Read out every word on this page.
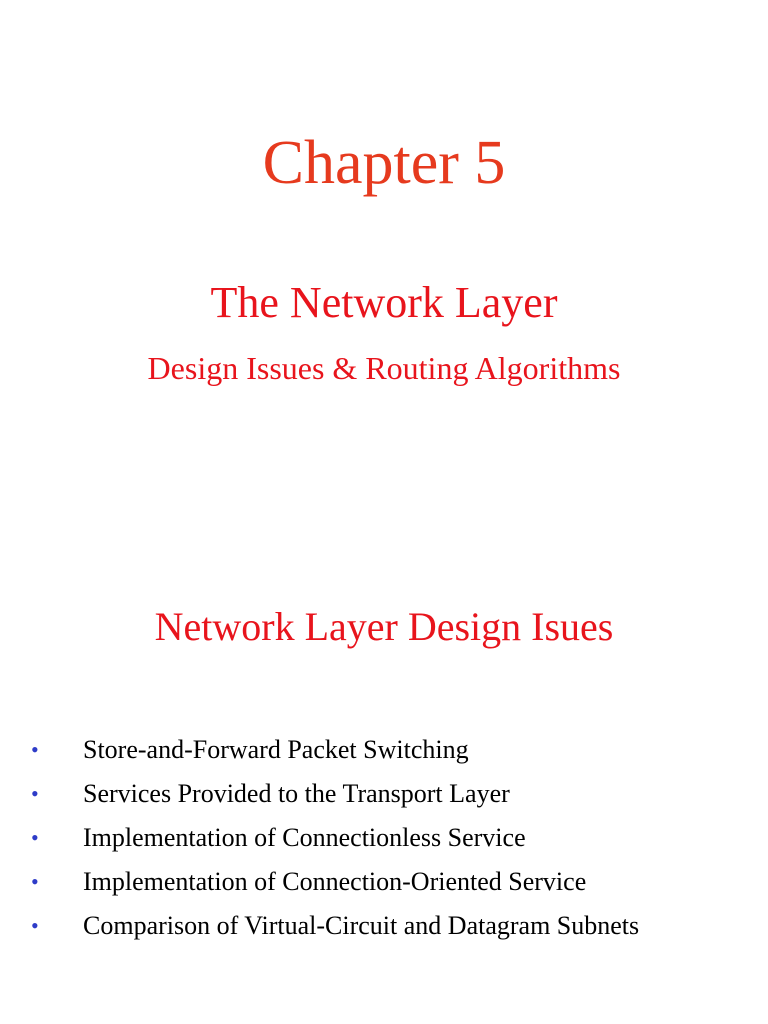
Chapter 5
The Network Layer
Design Issues & Routing Algorithms
Network Layer Design Isues
• Store-and-Forward Packet Switching
• Services Provided to the Transport Layer
• Implementation of Connectionless Service
• Implementation of Connection-Oriented Service
• Comparison of Virtual-Circuit and Datagram Subnets
